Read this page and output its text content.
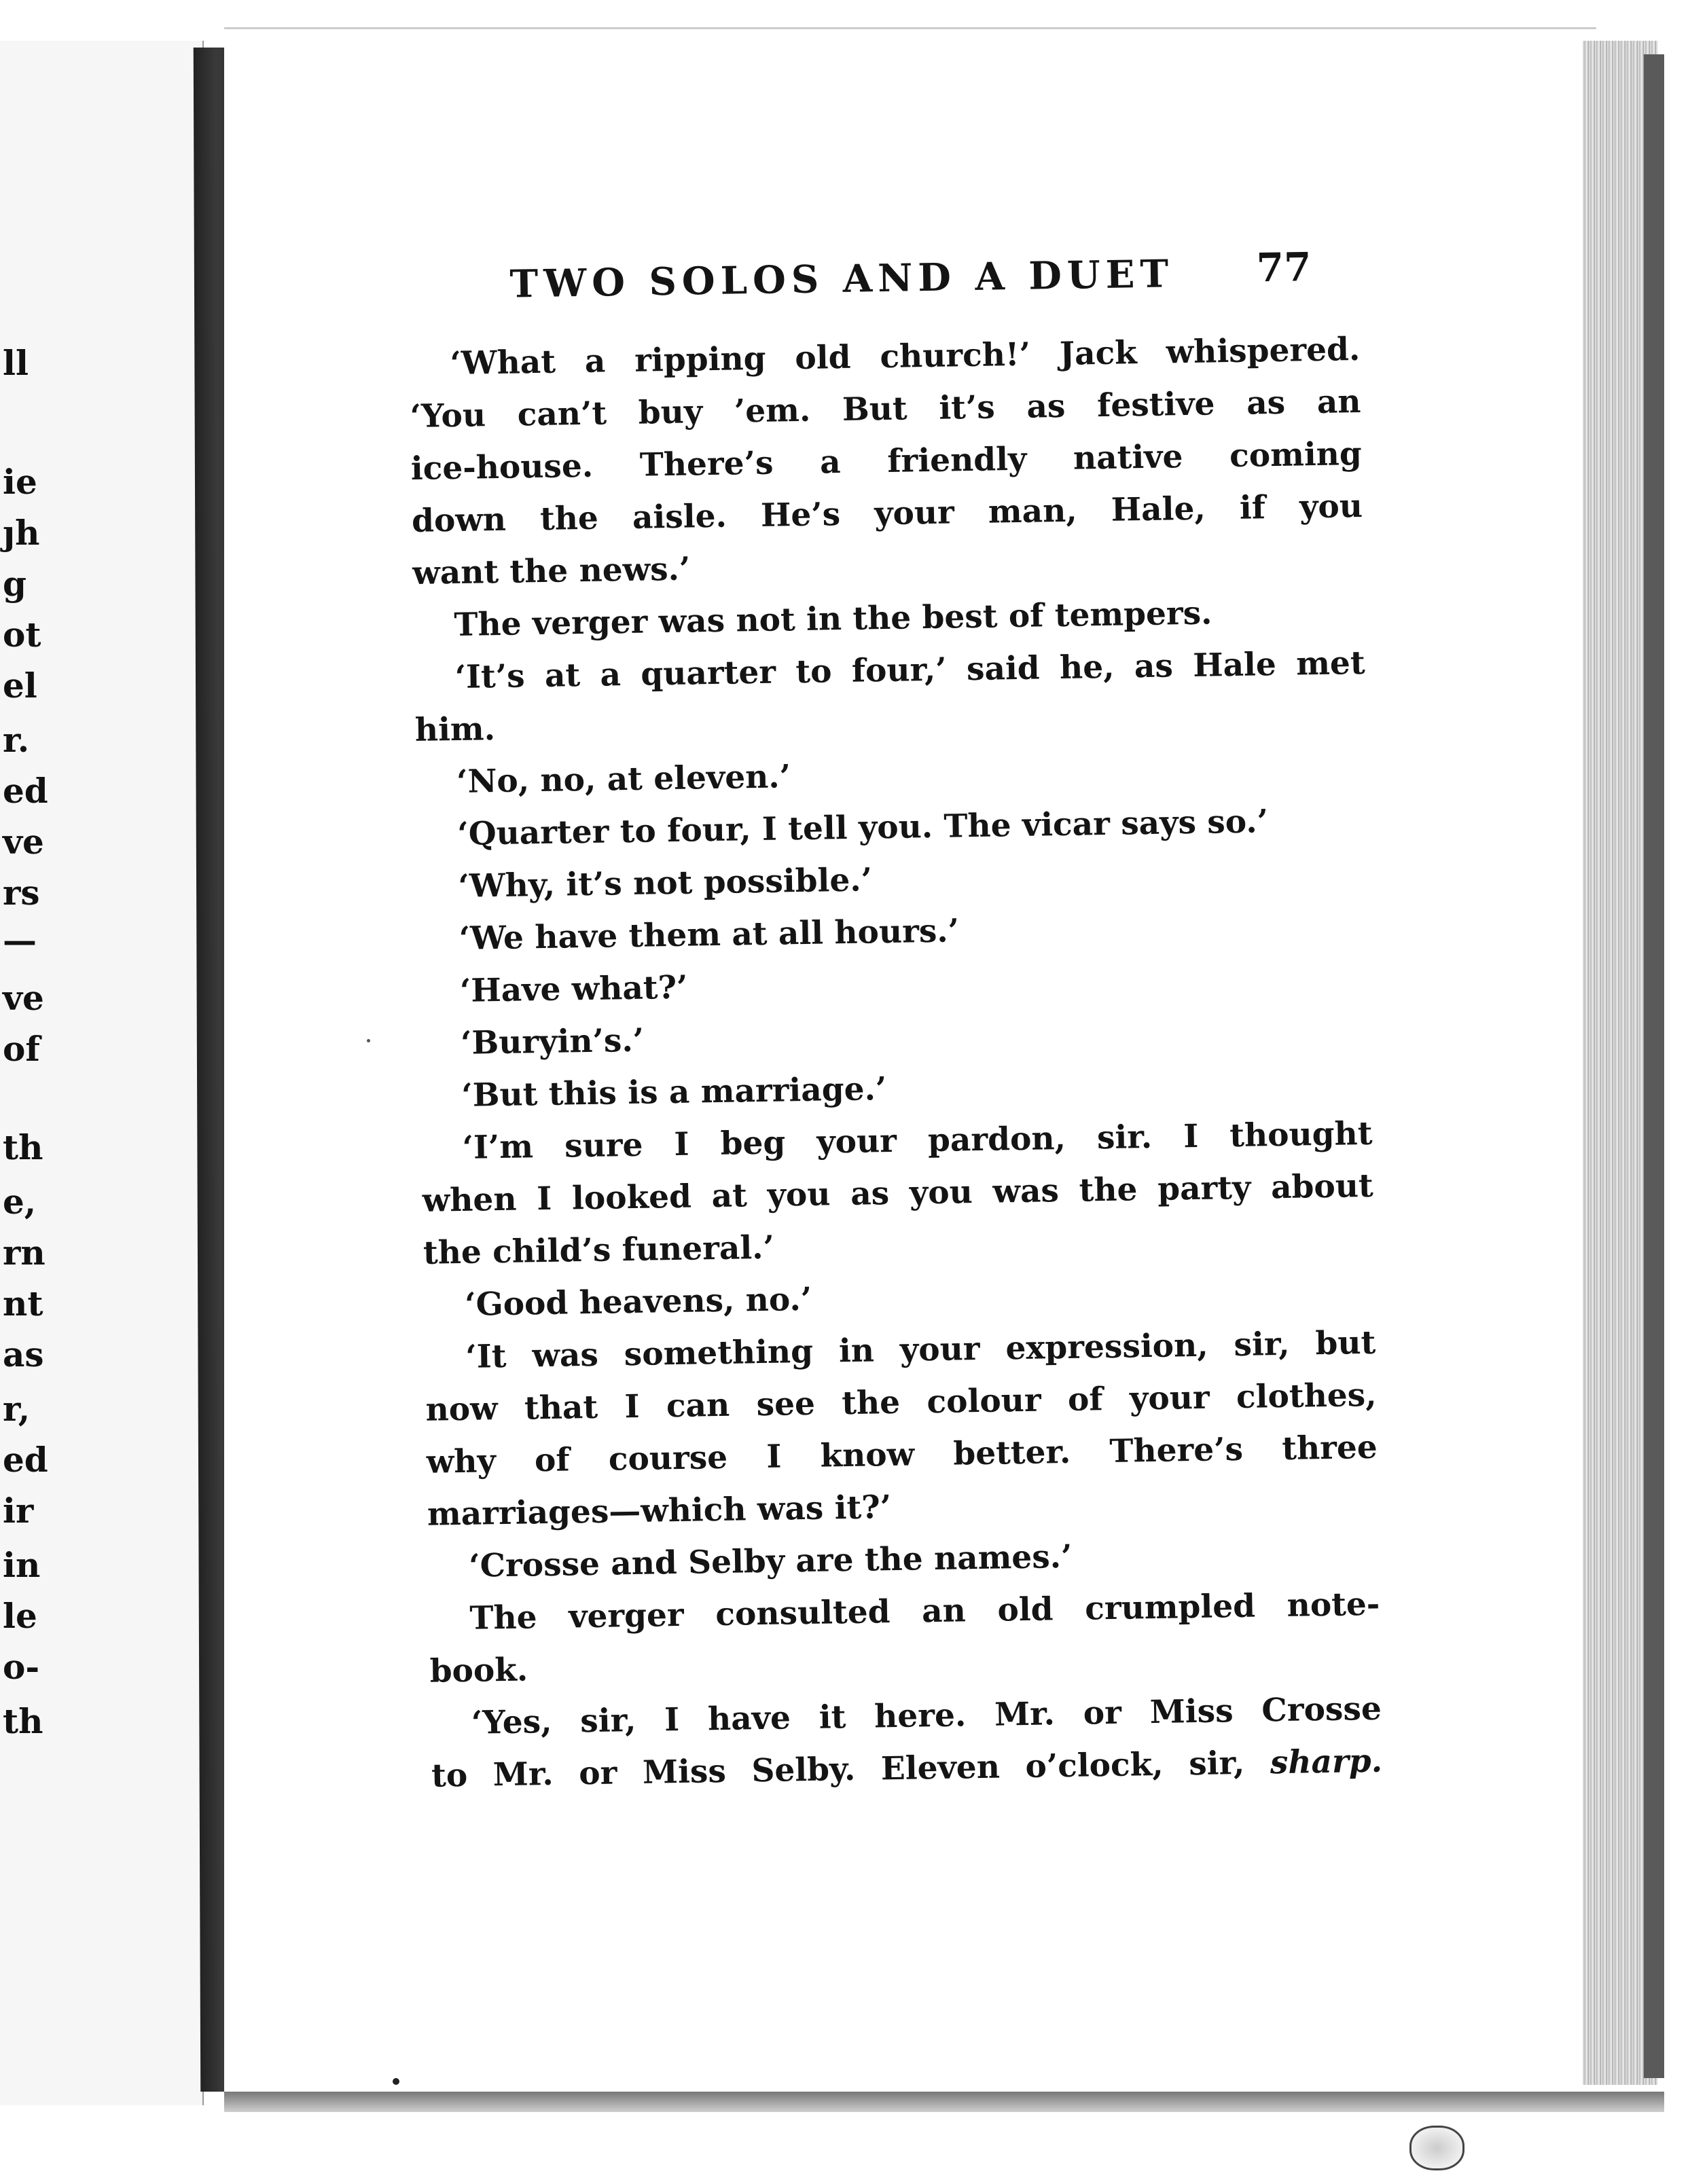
ll
ie
ȷh
g
ot
el
r.
ed
ve
rs
—
ve
of
th
e,
rn
nt
as
r,
ed
ir
in
le
o-
th
TWO SOLOS AND A DUET 77
‘What a ripping old church!’ Jack whispered.
‘You can’t buy ’em. But it’s as festive as an
ice-house. There’s a friendly native coming
down the aisle. He’s your man, Hale, if you
want the news.’
The verger was not in the best of tempers.
‘It’s at a quarter to four,’ said he, as Hale met
him.
‘No, no, at eleven.’
‘Quarter to four, I tell you. The vicar says so.’
‘Why, it’s not possible.’
‘We have them at all hours.’
‘Have what?’
‘Buryin’s.’
‘But this is a marriage.’
‘I’m sure I beg your pardon, sir. I thought
when I looked at you as you was the party about
the child’s funeral.’
‘Good heavens, no.’
‘It was something in your expression, sir, but
now that I can see the colour of your clothes,
why of course I know better. There’s three
marriages—which was it?’
‘Crosse and Selby are the names.’
The verger consulted an old crumpled note-
book.
‘Yes, sir, I have it here. Mr. or Miss Crosse
to Mr. or Miss Selby. Eleven o’clock, sir, sharp.
